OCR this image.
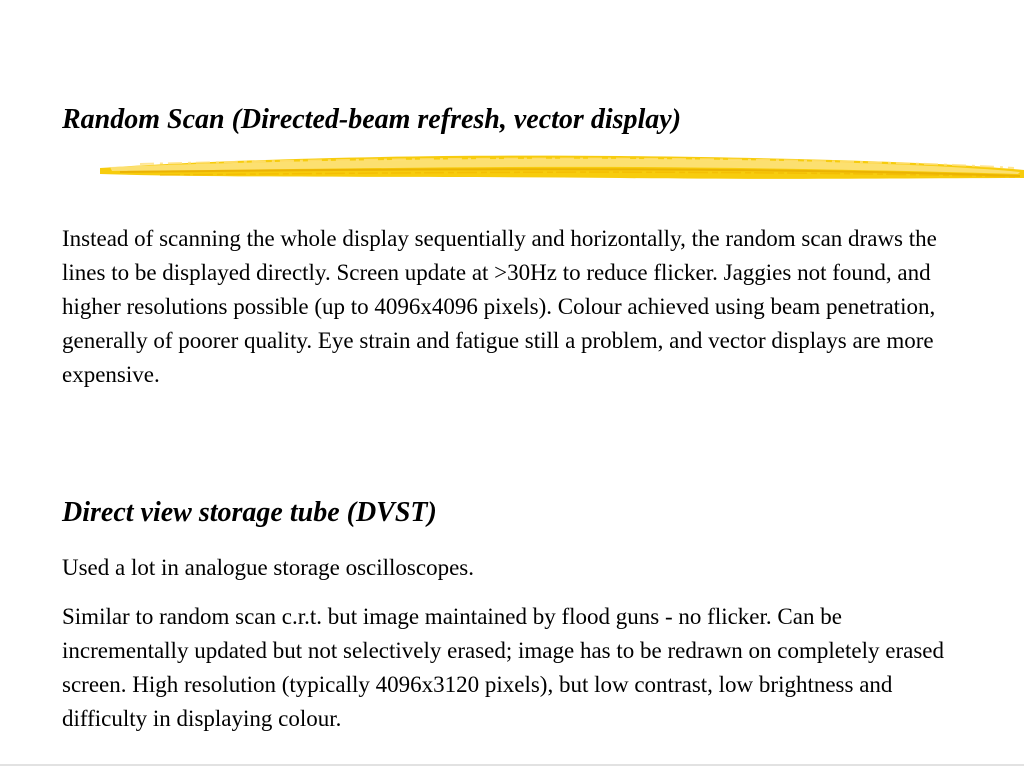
Random Scan (Directed-beam refresh, vector display)

Instead of scanning the whole display sequentially and horizontally, the random scan draws the lines to be displayed directly. Screen update at >30Hz to reduce flicker. Jaggies not found, and higher resolutions possible (up to 4096x4096 pixels). Colour achieved using beam penetration, generally of poorer quality. Eye strain and fatigue still a problem, and vector displays are more expensive.

Direct view storage tube (DVST)

Used a lot in analogue storage oscilloscopes.

Similar to random scan c.r.t. but image maintained by flood guns - no flicker. Can be incrementally updated but not selectively erased; image has to be redrawn on completely erased screen. High resolution (typically 4096x3120 pixels), but low contrast, low brightness and difficulty in displaying colour.
